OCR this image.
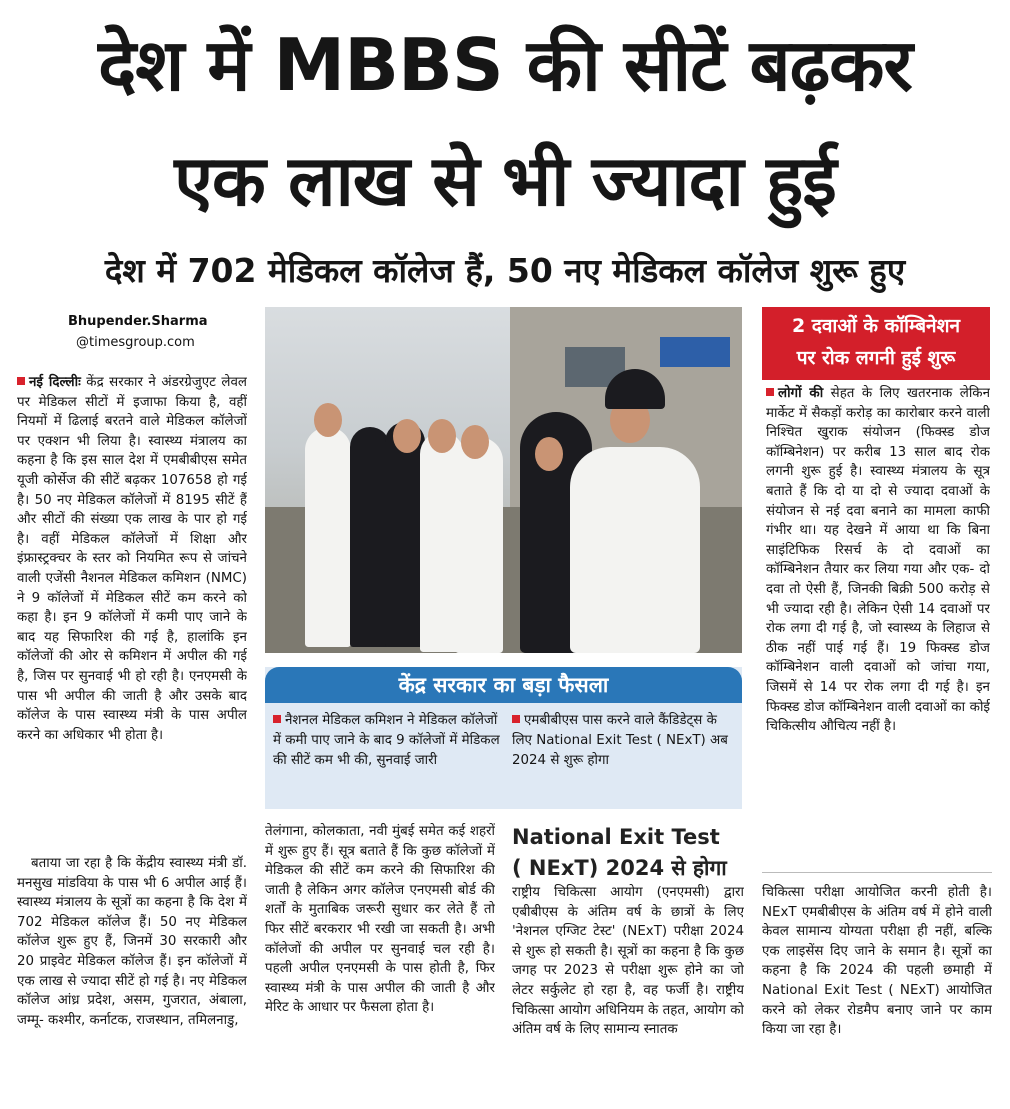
देश में MBBS की सीटें बढ़कर
एक लाख से भी ज्यादा हुई
देश में 702 मेडिकल कॉलेज हैं, 50 नए मेडिकल कॉलेज शुरू हुए
Bhupender.Sharma
@timesgroup.com

नई दिल्लीः केंद्र सरकार ने अंडरग्रेजुएट लेवल पर मेडिकल सीटों में इजाफा किया है, वहीं नियमों में ढिलाई बरतने वाले मेडिकल कॉलेजों पर एक्शन भी लिया है। स्वास्थ्य मंत्रालय का कहना है कि इस साल देश में एमबीबीएस समेत यूजी कोर्सेज की सीटें बढ़कर 107658 हो गई है। 50 नए मेडिकल कॉलेजों में 8195 सीटें हैं और सीटों की संख्या एक लाख के पार हो गई है। वहीं मेडिकल कॉलेजों में शिक्षा और इंफ्रास्ट्रक्चर के स्तर को नियमित रूप से जांचने वाली एजेंसी नैशनल मेडिकल कमिशन (NMC) ने 9 कॉलेजों में मेडिकल सीटें कम करने को कहा है। इन 9 कॉलेजों में कमी पाए जाने के बाद यह सिफारिश की गई है, हालांकि इन कॉलेजों की ओर से कमिशन में अपील की गई है, जिस पर सुनवाई भी हो रही है। एनएमसी के पास भी अपील की जाती है और उसके बाद कॉलेज के पास स्वास्थ्य मंत्री के पास अपील करने का अधिकार भी होता है।

बताया जा रहा है कि केंद्रीय स्वास्थ्य मंत्री डॉ. मनसुख मांडविया के पास भी 6 अपील आई हैं। स्वास्थ्य मंत्रालय के सूत्रों का कहना है कि देश में 702 मेडिकल कॉलेज हैं। 50 नए मेडिकल कॉलेज शुरू हुए हैं, जिनमें 30 सरकारी और 20 प्राइवेट मेडिकल कॉलेज हैं। इन कॉलेजों में एक लाख से ज्यादा सीटें हो गई है। नए मेडिकल कॉलेज आंध्र प्रदेश, असम, गुजरात, अंबाला, जम्मू- कश्मीर, कर्नाटक, राजस्थान, तमिलनाडु,

केंद्र सरकार का बड़ा फैसला
नैशनल मेडिकल कमिशन ने मेडिकल कॉलेजों में कमी पाए जाने के बाद 9 कॉलेजों में मेडिकल की सीटें कम भी की, सुनवाई जारी
एमबीबीएस पास करने वाले कैंडिडेट्स के लिए National Exit Test ( NExT) अब 2024 से शुरू होगा

तेलंगाना, कोलकाता, नवी मुंबई समेत कई शहरों में शुरू हुए हैं। सूत्र बताते हैं कि कुछ कॉलेजों में मेडिकल की सीटें कम करने की सिफारिश की जाती है लेकिन अगर कॉलेज एनएमसी बोर्ड की शर्तों के मुताबिक जरूरी सुधार कर लेते हैं तो फिर सीटें बरकरार भी रखी जा सकती है। अभी कॉलेजों की अपील पर सुनवाई चल रही है। पहली अपील एनएमसी के पास होती है, फिर स्वास्थ्य मंत्री के पास अपील की जाती है और मेरिट के आधार पर फैसला होता है।

National Exit Test
( NExT) 2024 से होगा

राष्ट्रीय चिकित्सा आयोग (एनएमसी) द्वारा एबीबीएस के अंतिम वर्ष के छात्रों के लिए 'नेशनल एग्जिट टेस्ट' (NExT) परीक्षा 2024 से शुरू हो सकती है। सूत्रों का कहना है कि कुछ जगह पर 2023 से परीक्षा शुरू होने का जो लेटर सर्कुलेट हो रहा है, वह फर्जी है। राष्ट्रीय चिकित्सा आयोग अधिनियम के तहत, आयोग को अंतिम वर्ष के लिए सामान्य स्नातक

चिकित्सा परीक्षा आयोजित करनी होती है। NExT एमबीबीएस के अंतिम वर्ष में होने वाली केवल सामान्य योग्यता परीक्षा ही नहीं, बल्कि एक लाइसेंस दिए जाने के समान है। सूत्रों का कहना है कि 2024 की पहली छमाही में National Exit Test ( NExT) आयोजित करने को लेकर रोडमैप बनाए जाने पर काम किया जा रहा है।

2 दवाओं के कॉम्बिनेशन
पर रोक लगनी हुई शुरू

लोगों की सेहत के लिए खतरनाक लेकिन मार्केट में सैकड़ों करोड़ का कारोबार करने वाली निश्चित खुराक संयोजन (फिक्स्ड डोज कॉम्बिनेशन) पर करीब 13 साल बाद रोक लगनी शुरू हुई है। स्वास्थ्य मंत्रालय के सूत्र बताते हैं कि दो या दो से ज्यादा दवाओं के संयोजन से नई दवा बनाने का मामला काफी गंभीर था। यह देखने में आया था कि बिना साइंटिफिक रिसर्च के दो दवाओं का कॉम्बिनेशन तैयार कर लिया गया और एक- दो दवा तो ऐसी हैं, जिनकी बिक्री 500 करोड़ से भी ज्यादा रही है। लेकिन ऐसी 14 दवाओं पर रोक लगा दी गई है, जो स्वास्थ्य के लिहाज से ठीक नहीं पाई गई हैं। 19 फिक्स्ड डोज कॉम्बिनेशन वाली दवाओं को जांचा गया, जिसमें से 14 पर रोक लगा दी गई है। इन फिक्स्ड डोज कॉम्बिनेशन वाली दवाओं का कोई चिकित्सीय औचित्य नहीं है।
